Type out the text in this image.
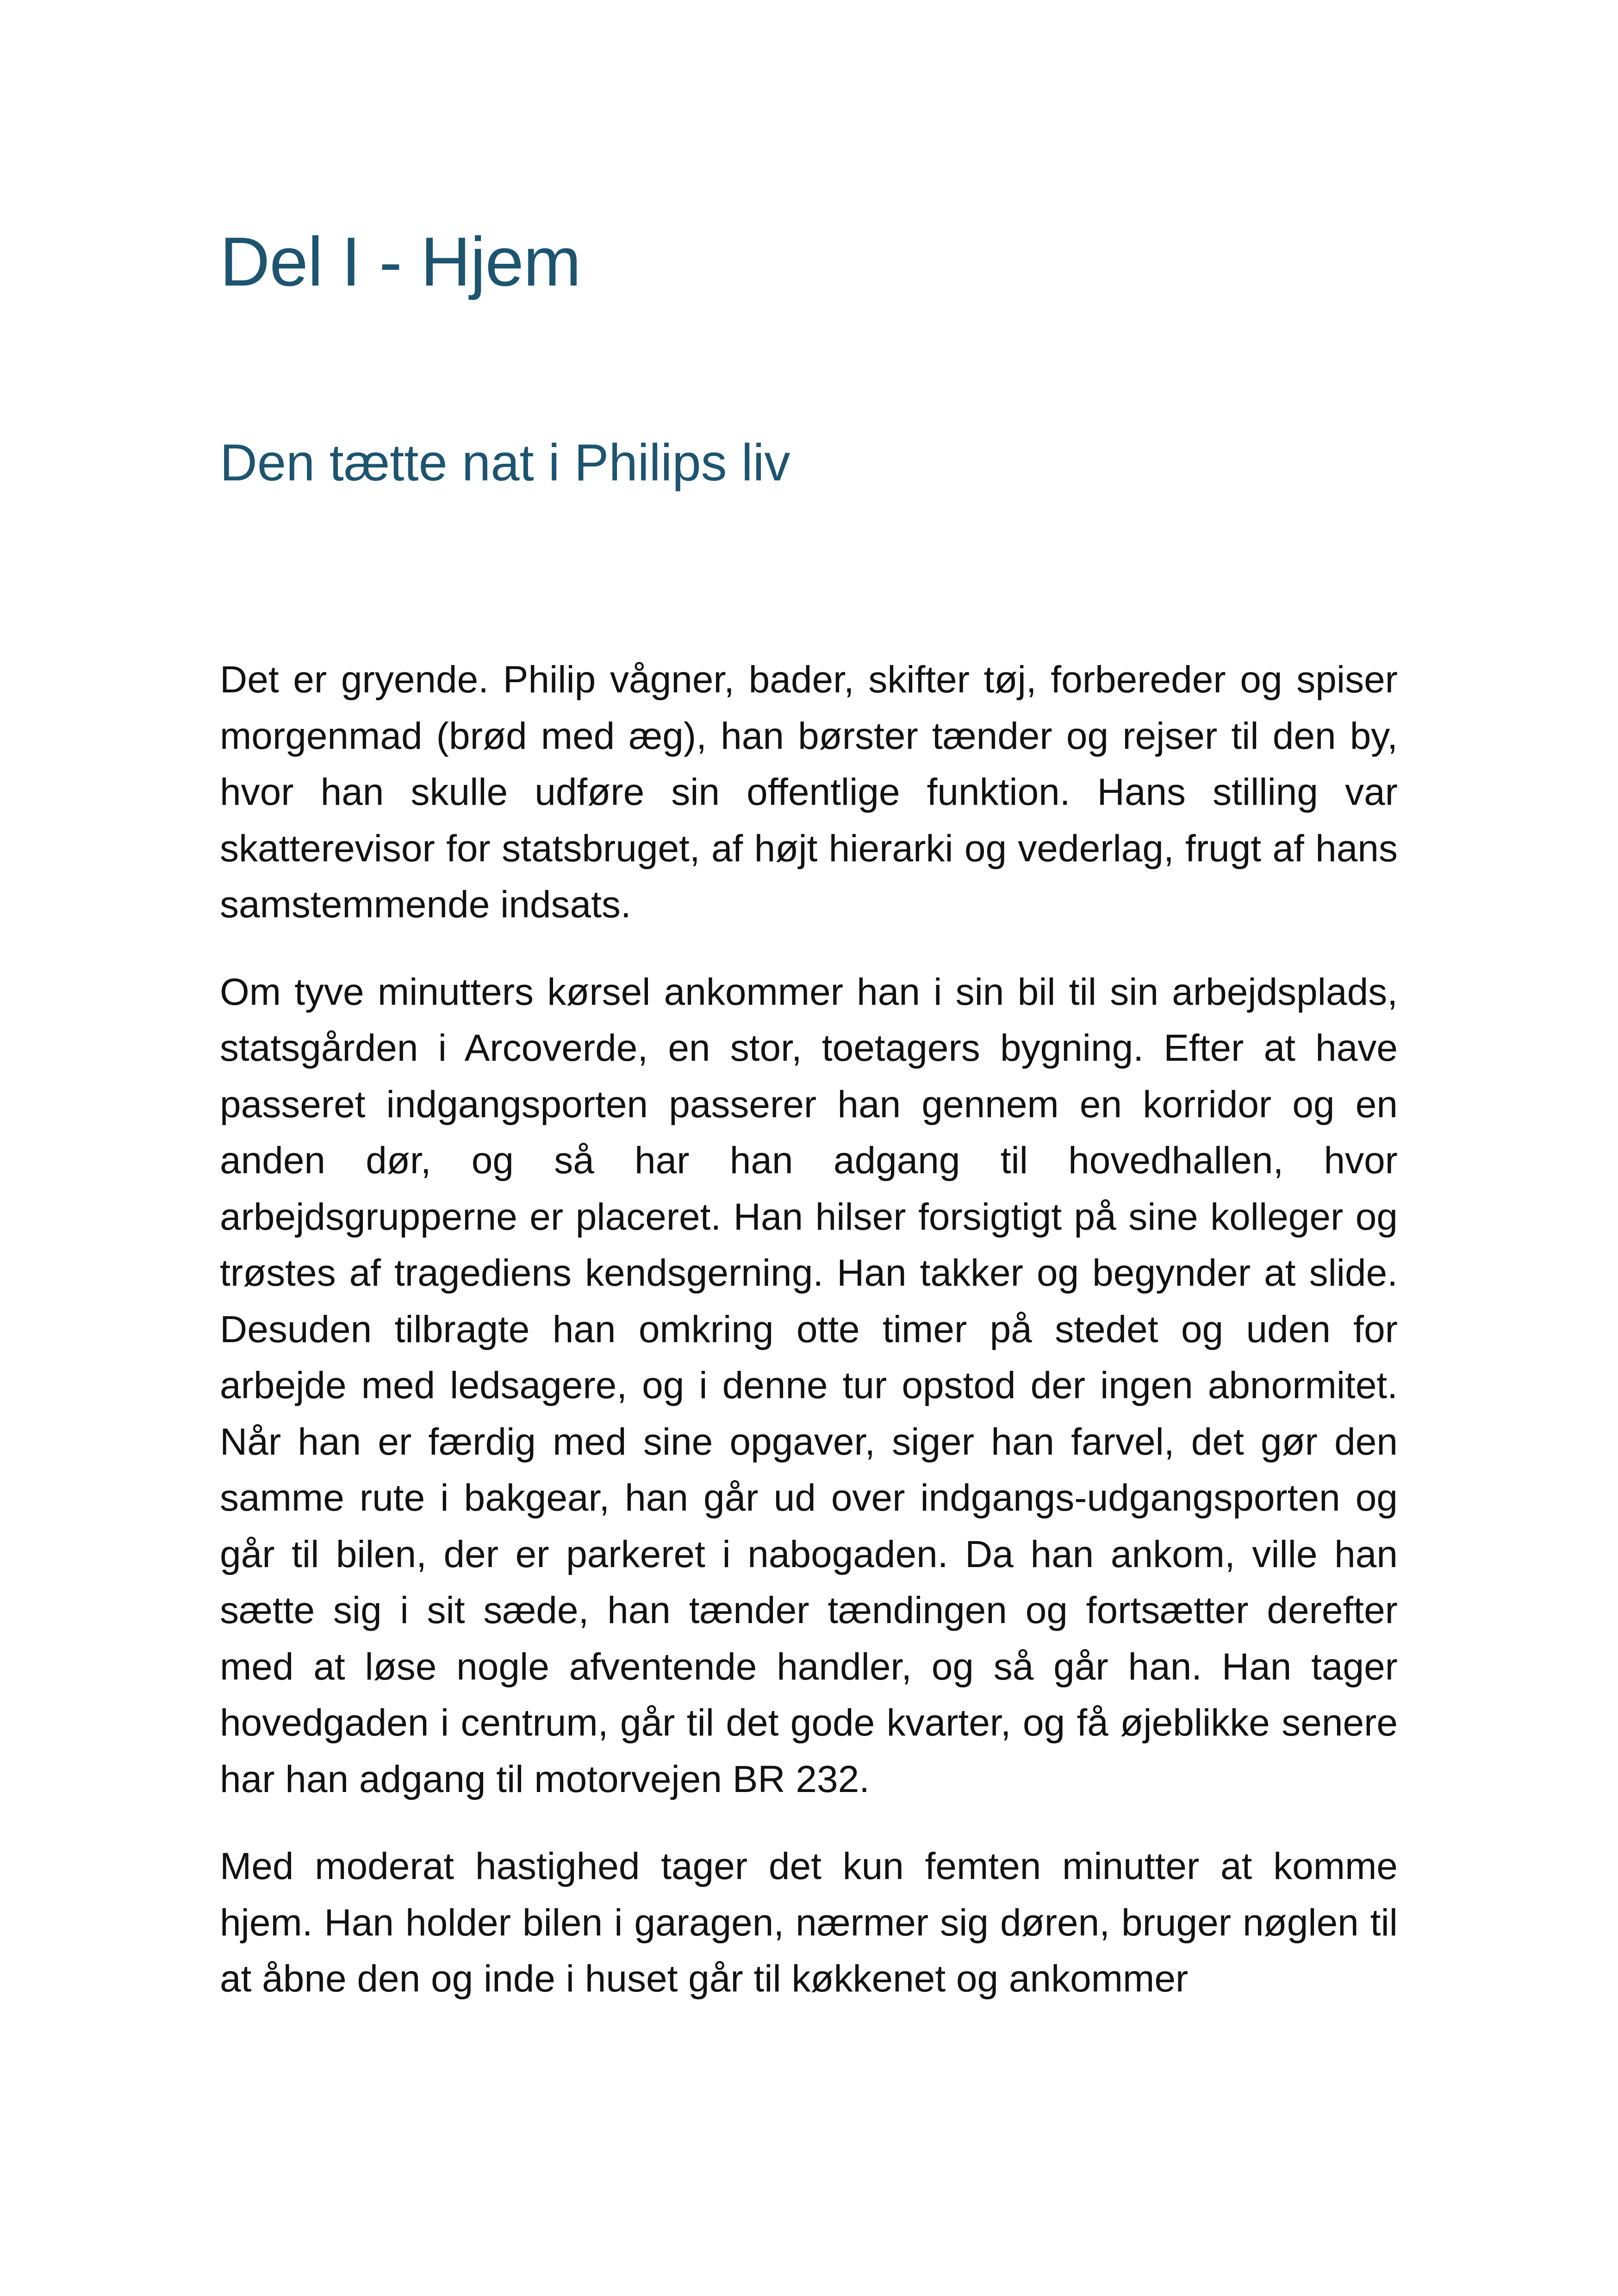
Del I - Hjem
Den tætte nat i Philips liv

Det er gryende. Philip vågner, bader, skifter tøj, forbereder og spiser morgenmad (brød med æg), han børster tænder og rejser til den by, hvor han skulle udføre sin offentlige funktion. Hans stilling var skatterevisor for statsbruget, af højt hierarki og vederlag, frugt af hans samstemmende indsats.

Om tyve minutters kørsel ankommer han i sin bil til sin arbejdsplads, statsgården i Arcoverde, en stor, toetagers bygning. Efter at have passeret indgangsporten passerer han gennem en korridor og en anden dør, og så har han adgang til hovedhallen, hvor arbejdsgrupperne er placeret. Han hilser forsigtigt på sine kolleger og trøstes af tragediens kendsgerning. Han takker og begynder at slide. Desuden tilbragte han omkring otte timer på stedet og uden for arbejde med ledsagere, og i denne tur opstod der ingen abnormitet. Når han er færdig med sine opgaver, siger han farvel, det gør den samme rute i bakgear, han går ud over indgangs-udgangsporten og går til bilen, der er parkeret i nabogaden. Da han ankom, ville han sætte sig i sit sæde, han tænder tændingen og fortsætter derefter med at løse nogle afventende handler, og så går han. Han tager hovedgaden i centrum, går til det gode kvarter, og få øjeblikke senere har han adgang til motorvejen BR 232.

Med moderat hastighed tager det kun femten minutter at komme hjem. Han holder bilen i garagen, nærmer sig døren, bruger nøglen til at åbne den og inde i huset går til køkkenet og ankommer
